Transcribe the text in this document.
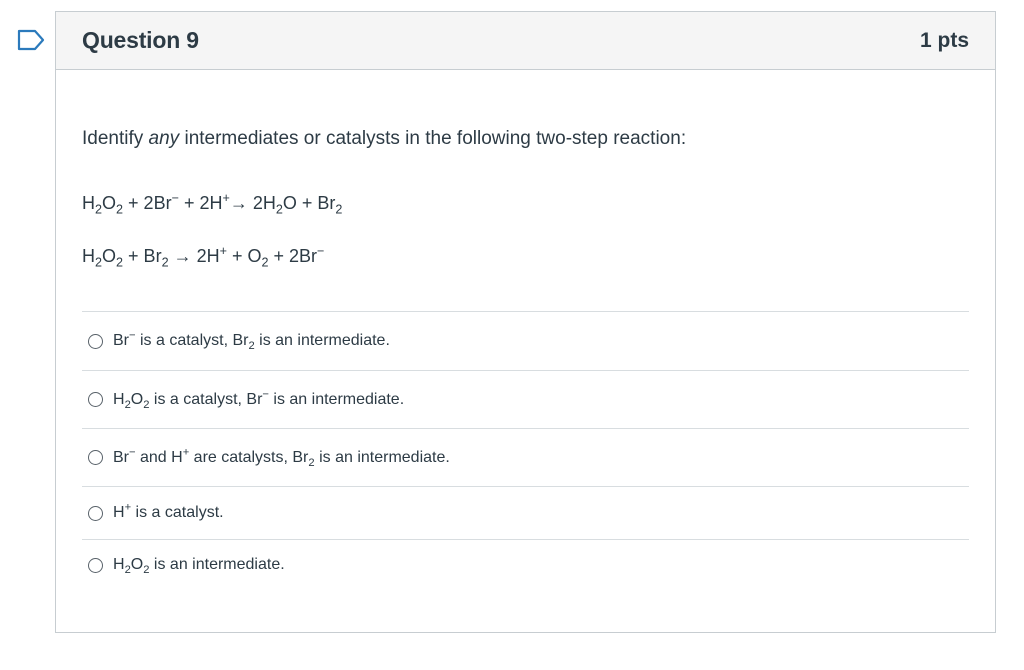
Question 9	1 pts
Identify any intermediates or catalysts in the following two-step reaction:
$H_2O_2 + 2Br^- + 2H^+\to 2H_2O + Br_2$
$H_2O_2 + Br_2 \to 2H^+ + O_2 + 2Br^-$
Br− is a catalyst, $Br_2$ is an intermediate.
$H_2O_2$ is a catalyst, Br− is an intermediate.
Br− and H+ are catalysts, $Br_2$ is an intermediate.
H+ is a catalyst.
$H_2O_2$ is an intermediate.
